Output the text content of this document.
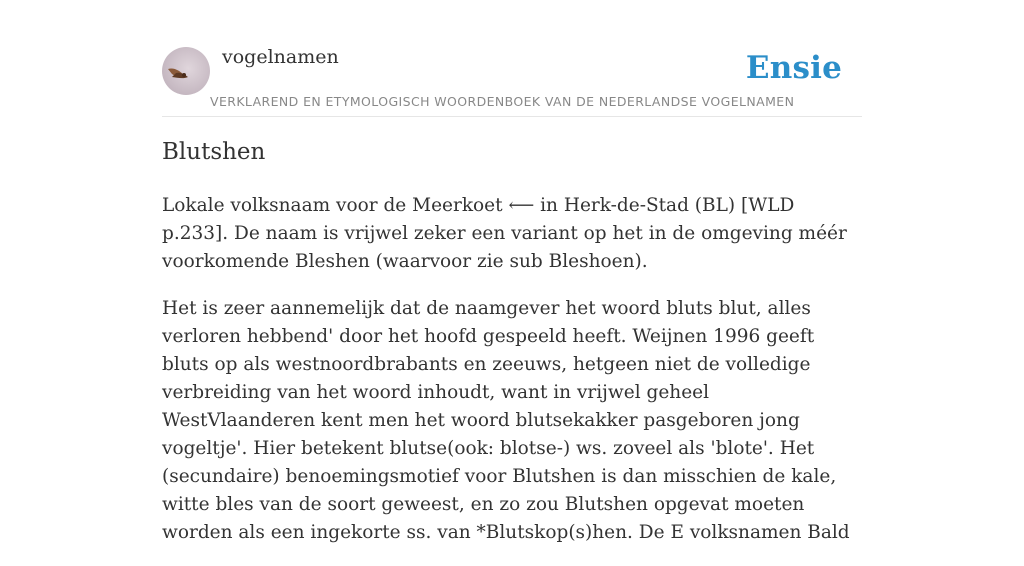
vogelnamen	Ensie
VERKLAREND EN ETYMOLOGISCH WOORDENBOEK VAN DE NEDERLANDSE VOGELNAMEN
Blutshen

Lokale volksnaam voor de Meerkoet ⟵ in Herk-de-Stad (BL) [WLD p.233]. De naam is vrijwel zeker een variant op het in de omgeving méér voorkomende Bleshen (waarvoor zie sub Bleshoen).

Het is zeer aannemelijk dat de naamgever het woord bluts blut, alles verloren hebbend' door het hoofd gespeeld heeft. Weijnen 1996 geeft bluts op als westnoordbrabants en zeeuws, hetgeen niet de volledige verbreiding van het woord inhoudt, want in vrijwel geheel WestVlaanderen kent men het woord blutsekakker pasgeboren jong vogeltje'. Hier betekent blutse(ook: blotse-) ws. zoveel als 'blote'. Het (secundaire) benoemingsmotief voor Blutshen is dan misschien de kale, witte bles van de soort geweest, en zo zou Blutshen opgevat moeten worden als een ingekorte ss. van *Blutskop(s)hen. De E volksnamen Bald
